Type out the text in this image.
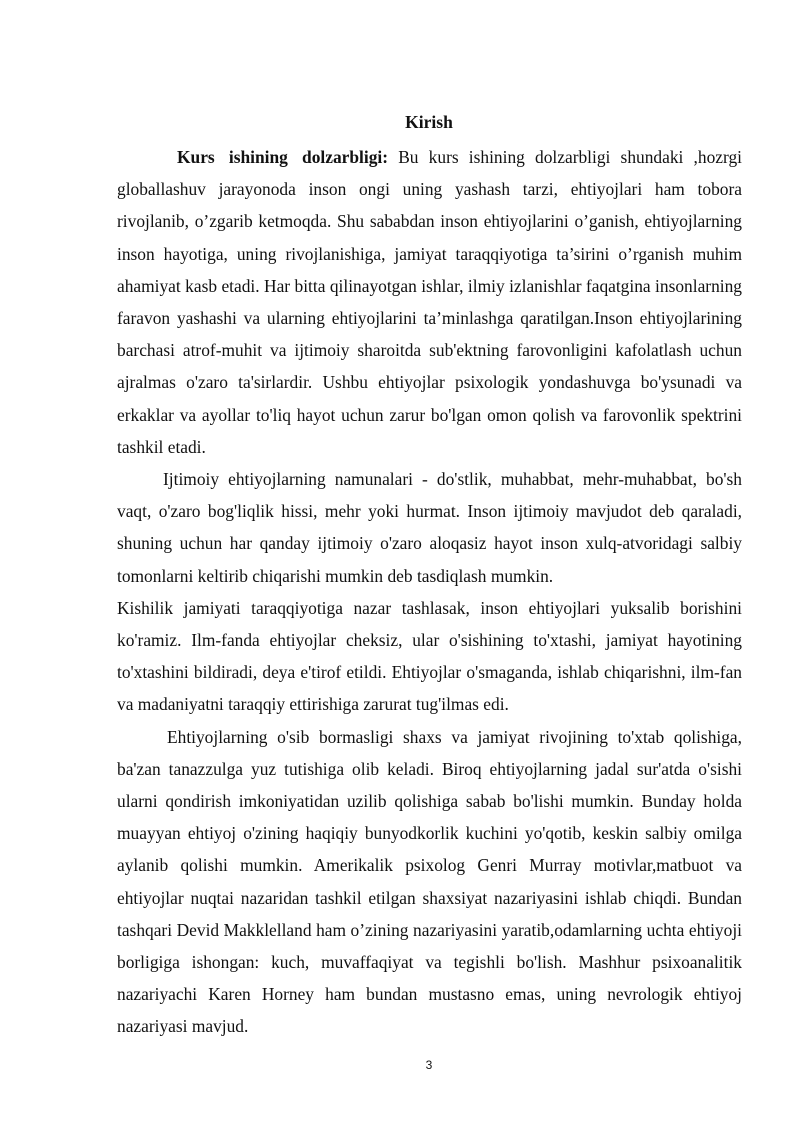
Kirish

Kurs ishining dolzarbligi: Bu kurs ishining dolzarbligi shundaki ,hozrgi globallashuv jarayonoda inson ongi uning yashash tarzi, ehtiyojlari ham tobora rivojlanib, o’zgarib ketmoqda. Shu sababdan inson ehtiyojlarini o’ganish, ehtiyojlarning inson hayotiga, uning rivojlanishiga, jamiyat taraqqiyotiga ta’sirini o’rganish muhim ahamiyat kasb etadi. Har bitta qilinayotgan ishlar, ilmiy izlanishlar faqatgina insonlarning faravon yashashi va ularning ehtiyojlarini ta’minlashga qaratilgan.Inson ehtiyojlarining barchasi atrof-muhit va ijtimoiy sharoitda sub'ektning farovonligini kafolatlash uchun ajralmas o'zaro ta'sirlardir. Ushbu ehtiyojlar psixologik yondashuvga bo'ysunadi va erkaklar va ayollar to'liq hayot uchun zarur bo'lgan omon qolish va farovonlik spektrini tashkil etadi.

Ijtimoiy ehtiyojlarning namunalari - do'stlik, muhabbat, mehr-muhabbat, bo'sh vaqt, o'zaro bog'liqlik hissi, mehr yoki hurmat. Inson ijtimoiy mavjudot deb qaraladi, shuning uchun har qanday ijtimoiy o'zaro aloqasiz hayot inson xulq-atvoridagi salbiy tomonlarni keltirib chiqarishi mumkin deb tasdiqlash mumkin.

Kishilik jamiyati taraqqiyotiga nazar tashlasak, inson ehtiyojlari yuksalib borishini ko'ramiz. Ilm-fanda ehtiyojlar cheksiz, ular o'sishining to'xtashi, jamiyat hayotining to'xtashini bildiradi, deya e'tirof etildi. Ehtiyojlar o'smaganda, ishlab chiqarishni, ilm-fan va madaniyatni taraqqiy ettirishiga zarurat tug'ilmas edi.

Ehtiyojlarning o'sib bormasligi shaxs va jamiyat rivojining to'xtab qolishiga, ba'zan tanazzulga yuz tutishiga olib keladi. Biroq ehtiyojlarning jadal sur'atda o'sishi ularni qondirish imkoniyatidan uzilib qolishiga sabab bo'lishi mumkin. Bunday holda muayyan ehtiyoj o'zining haqiqiy bunyodkorlik kuchini yo'qotib, keskin salbiy omilga aylanib qolishi mumkin. Amerikalik psixolog Genri Murray motivlar,matbuot va ehtiyojlar nuqtai nazaridan tashkil etilgan shaxsiyat nazariyasini ishlab chiqdi. Bundan tashqari Devid Makklelland ham o’zining nazariyasini yaratib,odamlarning uchta ehtiyoji borligiga ishongan: kuch, muvaffaqiyat va tegishli bo'lish. Mashhur psixoanalitik nazariyachi Karen Horney ham bundan mustasno emas, uning nevrologik ehtiyoj nazariyasi mavjud.

3
